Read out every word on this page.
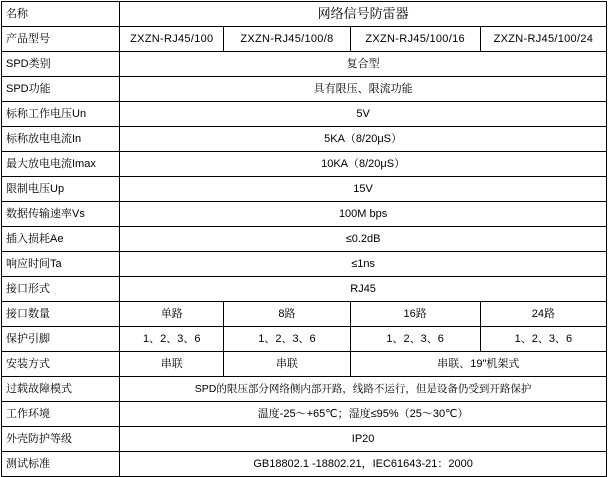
名称	网络信号防雷器			
产品型号	ZXZN-RJ45/100	ZXZN-RJ45/100/8	ZXZN-RJ45/100/16	ZXZN-RJ45/100/24
SPD类别	复合型			
SPD功能	具有限压、限流功能			
标称工作电压Un	5V			
标称放电电流In	5KA（8/20μS）			
最大放电电流Imax	10KA（8/20μS）			
限制电压Up	15V			
数据传输速率Vs	100M bps			
插入损耗Ae	≤0.2dB			
响应时间Ta	≤1ns			
接口形式	RJ45			
接口数量	单路	8路	16路	24路
保护引脚	1、2、3、6	1、2、3、6	1、2、3、6	1、2、3、6
安装方式	串联	串联	串联、19"机架式	
过载故障模式	SPD的限压部分网络侧内部开路，线路不运行，但是设备仍受到开路保护			
工作环境	温度-25～+65℃；湿度≤95%（25～30℃）			
外壳防护等级	IP20			
测试标准	GB18802.1 -18802.21，IEC61643-21：2000			
